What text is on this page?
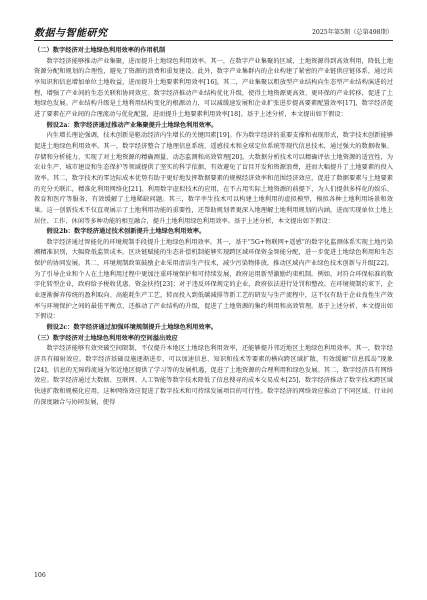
数据与智能研究	2025年第5期（总第498期）
（二）数字经济对土地绿色利用效率的作用机制

数字经济能够推动产业集聚，进而提升土地绿色利用效率。其一，在数字产业集聚的区域，土地资源得到高效利用，降低土地资源分配和规划的合理性，避免了资源的浪费和重复建设。此外，数字产业集群内的企业构建了紧密的产业链供应链体系，通过共享知识和信息增加单位土地收益，进而提升土地要素利用效率[16]。其二，产业集聚以粗放型产业结构向生态型产业结构演进的过程，增强了产业间的生态关联和协同效应。数字经济推动产业结构优化升级，使得土地资源更高效、更环保的产业转移，促进了土地绿色发展。产业结构升级是土地利用结构变化的根源动力，可以减缓速发展和企业扩张进步提高要素配置效率[17]，数字经济促进了要素在产业间的合理流动与优化配置，进而提升土地要素利用效率[18]。基于上述分析，本文提出如下假设：

假设2a：数字经济通过推动产业集聚提升土地绿色利用效率。

内生增长理论强调，技术创新是驱动经济内生增长的关键因素[19]。作为数字经济的重要支撑和表现形式，数字技术创新能够促进土地绿色利用效率。其一，数字经济整合了地理信息系统、遥感技术和全球定位系统等现代信息技术，通过强大的数据收集、存储和分析能力，实现了对土地资源的精确测量、动态监测和高效管理[20]。大数据分析技术可以精确评估土地资源的适宜性，为农业生产、城市建设和生态保护等领域提供了坚实的科学依据，有效避免了盲目开发和资源浪费，进而大幅提升了土地要素的投入效率。其二，数字技术的零边际成本优势有助于更好地发挥数据要素的规模经济效率和范围经济效应，促进了数据要素与土地要素的充分关联汇，精准化利用网络化[21]。利用数字虚拟技术的应用，在不占用实际土地资源的前提下，为人们提供多样化的娱乐、教育和医疗等服务，有效缓解了土地稀缺问题。其三，数字孪生技术可以构建土地利用的虚拟模型，模拟各种土地利用场景和效果。这一创新技术不仅直观展示了土地利用功能的重要性，还帮助规划者更深入地理解土地利用规划的内涵，进而实现单位土地上居住、工作、休闲等多种功能的相互融合，提升土地利用绿色利用效率。基于上述分析，本文提出如下假设：

假设2b：数字经济通过技术创新提升土地绿色利用效率。

数字经济通过智能化的环境规制手段提升土地绿色利用效率。其一，基于“5G+物联网+遥感”的数字化监测体系实现土地污染溯精准识别，大幅降低监管成本。区块链赋能的生态补偿机制能够实现跨区域环保资金智能分配，进一步促进土地绿色利用和生态保护的协同发展。其二，环境规制政策鼓励企业采用清洁生产技术，减少污染物排放，推动区域内产业绿色技术创新与升级[22]。为了引导企业和个人在土地利用过程中更加注重环境保护和可持续发展，政府运用新型激励约束机制。例如，对符合环保标准的数字化转型企业，政府给予税收优惠、资金扶持[23]；对于违反环保规定的企业，政府依法进行处罚和整改。在环境规制约束下，企业逐渐摒弃传统的盈利取向、高能耗生产工艺，转而投入到低碳减排等新工艺的研发与生产流程中，这不仅有助于企业良性生产效率与环境保护之间的最佳平衡点，还推动了产业结构的升级，促进了土地资源的集约利用和高效管理。基于上述分析，本文提出如下假设：

假设2c：数字经济通过加强环境规制提升土地绿色利用效率。

（三）数字经济对土地绿色利用效率的空间溢出效应

数字经济能够有效突破空间限制，不仅提升本地区土地绿色利用效率，还能够提升邻近地区土地绿色利用效率。其一，数字经济具有辐射效应。数字经济基础设施逐渐进步，可以加速信息、知识和技术等要素的横向跨区域扩散，有效缓解“信息孤岛”现象[24]，信息的无障碍流通为邻近地区提供了学习等的发展机遇，促进了土地资源的合理利用和绿色发展。其二，数字经济具有网络效应。数字经济通过大数据、互联网、人工智能等数字技术降低了信息搜寻的成本交易成本[25]，数字经济推动了数字技术跨区域快速扩散和规模化应用，这种网络效应促进了数字技术和可持续发展项目的可行性。数字经济的网络效应推动了不同区域、行业间的深度融合与协同发展，使得

106
